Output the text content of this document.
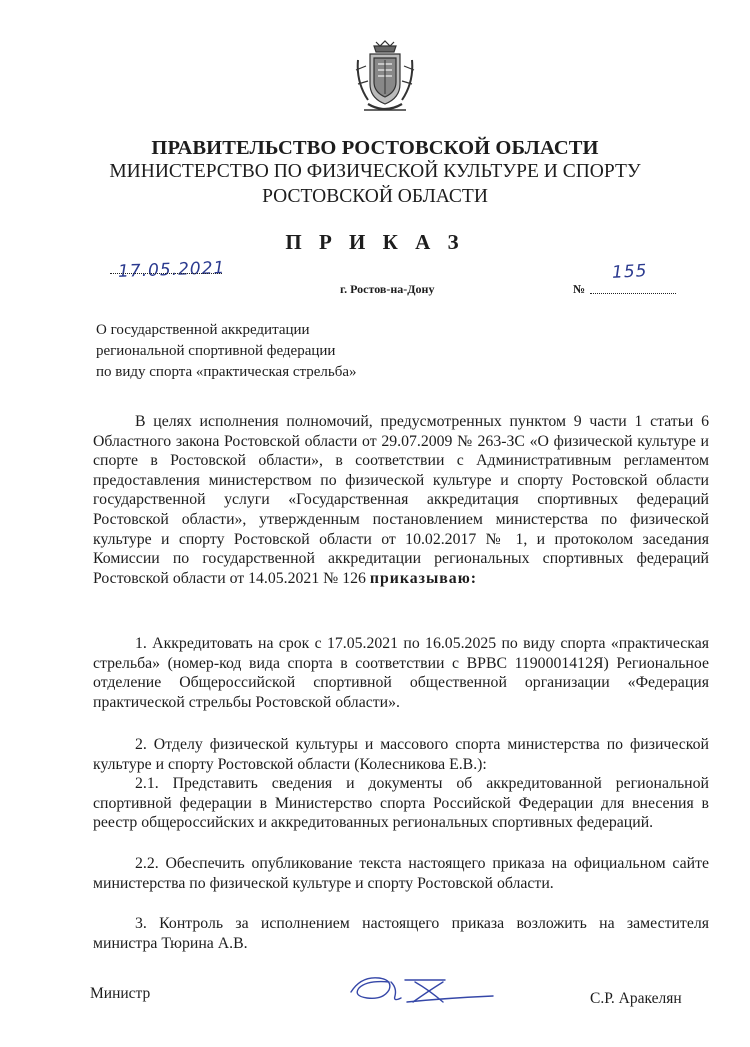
ПРАВИТЕЛЬСТВО РОСТОВСКОЙ ОБЛАСТИ
МИНИСТЕРСТВО ПО ФИЗИЧЕСКОЙ КУЛЬТУРЕ И СПОРТУ
РОСТОВСКОЙ ОБЛАСТИ
П Р И К А З
17.05.2021
г. Ростов-на-Дону	№
155
О государственной аккредитации
региональной спортивной федерации
по виду спорта «практическая стрельба»

В целях исполнения полномочий, предусмотренных пунктом 9 части 1 статьи 6 Областного закона Ростовской области от 29.07.2009 № 263-ЗС «О физической культуре и спорте в Ростовской области», в соответствии с Административным регламентом предоставления министерством по физической культуре и спорту Ростовской области государственной услуги «Государственная аккредитация спортивных федераций Ростовской области», утвержденным постановлением министерства по физической культуре и спорту Ростовской области от 10.02.2017 № 1, и протоколом заседания Комиссии по государственной аккредитации региональных спортивных федераций Ростовской области от 14.05.2021 № 126 приказываю:

1. Аккредитовать на срок с 17.05.2021 по 16.05.2025 по виду спорта «практическая стрельба» (номер-код вида спорта в соответствии с ВРВС 1190001412Я) Региональное отделение Общероссийской спортивной общественной организации «Федерация практической стрельбы Ростовской области».

2. Отделу физической культуры и массового спорта министерства по физической культуре и спорту Ростовской области (Колесникова Е.В.):

2.1. Представить сведения и документы об аккредитованной региональной спортивной федерации в Министерство спорта Российской Федерации для внесения в реестр общероссийских и аккредитованных региональных спортивных федераций.

2.2. Обеспечить опубликование текста настоящего приказа на официальном сайте министерства по физической культуре и спорту Ростовской области.

3. Контроль за исполнением настоящего приказа возложить на заместителя министра Тюрина А.В.

Министр	С.Р. Аракелян
